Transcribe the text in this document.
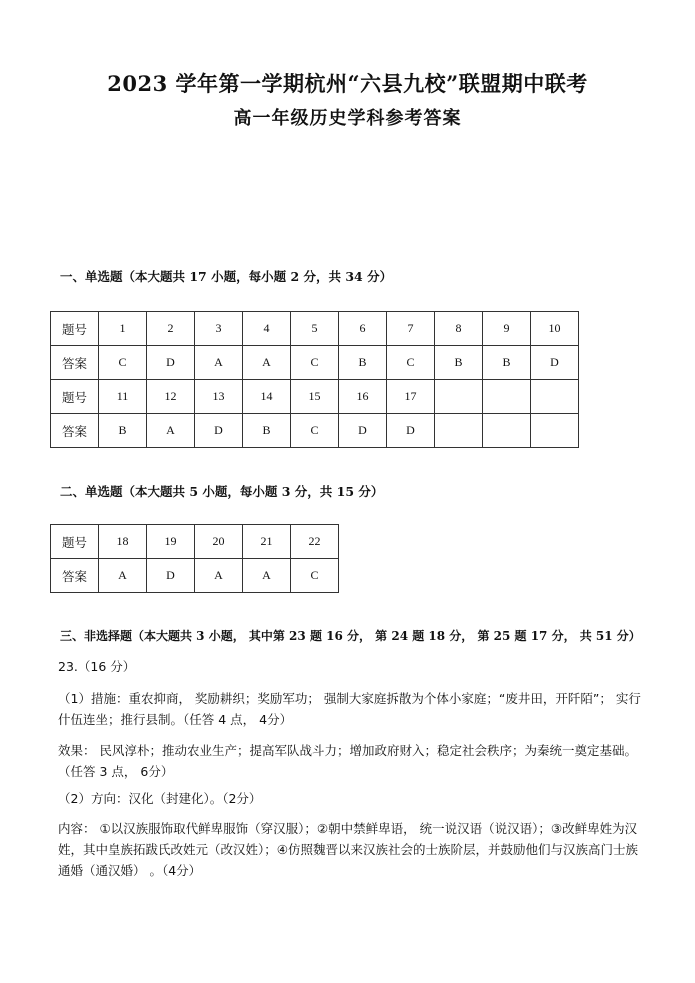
2023 学年第一学期杭州“六县九校”联盟期中联考
高一年级历史学科参考答案
一、单选题（本大题共 17 小题，每小题 2 分，共 34 分）
题号	1	2	3	4	5	6	7	8	9	10
答案	C	D	A	A	C	B	C	B	B	D
题号	11	12	13	14	15	16	17			
答案	B	A	D	B	C	D	D			
二、单选题（本大题共 5 小题，每小题 3 分，共 15 分）
题号	18	19	20	21	22
答案	A	D	A	A	C
三、非选择题（本大题共 3 小题， 其中第 23 题 16 分， 第 24 题 18 分， 第 25 题 17 分， 共 51 分）

23.（16 分）

（1）措施：重农抑商， 奖励耕织；奖励军功； 强制大家庭拆散为个体小家庭；“废井田，开阡陌”； 实行什伍连坐；推行县制。（任答 4 点， 4分）

效果： 民风淳朴；推动农业生产；提高军队战斗力；增加政府财入；稳定社会秩序；为秦统一奠定基础。（任答 3 点， 6分）

（2）方向：汉化（封建化）。（2分）

内容： ①以汉族服饰取代鲜卑服饰（穿汉服）；②朝中禁鲜卑语， 统一说汉语（说汉语）；③改鲜卑姓为汉姓，其中皇族拓跋氏改姓元（改汉姓）；④仿照魏晋以来汉族社会的士族阶层，并鼓励他们与汉族高门士族通婚（通汉婚） 。（4分）
